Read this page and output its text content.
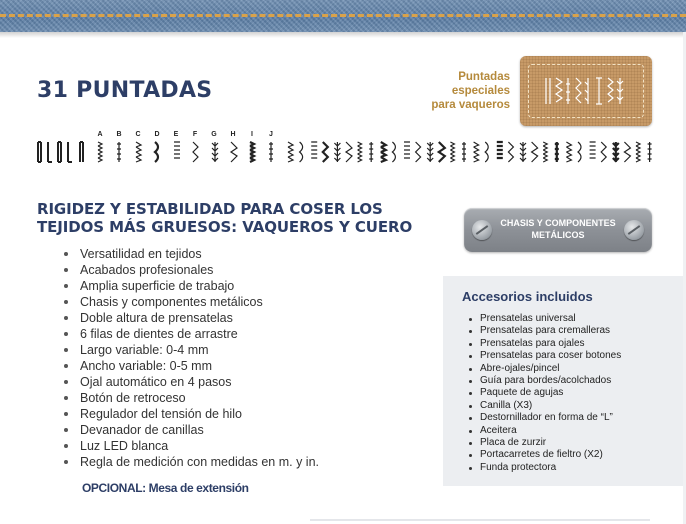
31 PUNTADAS
Puntadas
especiales
para vaqueros
A B C D E F G H I J
RIGIDEZ Y ESTABILIDAD PARA COSER LOS
TEJIDOS MÁS GRUESOS: VAQUEROS Y CUERO	CHASIS Y COMPONENTES
METÁLICOS
Versatilidad en tejidos
Acabados profesionales
Amplia superficie de trabajo
Chasis y componentes metálicos
Doble altura de prensatelas
6 filas de dientes de arrastre
Largo variable: 0-4 mm
Ancho variable: 0-5 mm
Ojal automático en 4 pasos
Botón de retroceso
Regulador del tensión de hilo
Devanador de canillas
Luz LED blanca
Regla de medición con medidas en m. y in.
OPCIONAL: Mesa de extensión
Accesorios incluidos
Prensatelas universal
Prensatelas para cremalleras
Prensatelas para ojales
Prensatelas para coser botones
Abre-ojales/pincel
Guía para bordes/acolchados
Paquete de agujas
Canilla (X3)
Destornillador en forma de “L”
Aceitera
Placa de zurzir
Portacarretes de fieltro (X2)
Funda protectora
